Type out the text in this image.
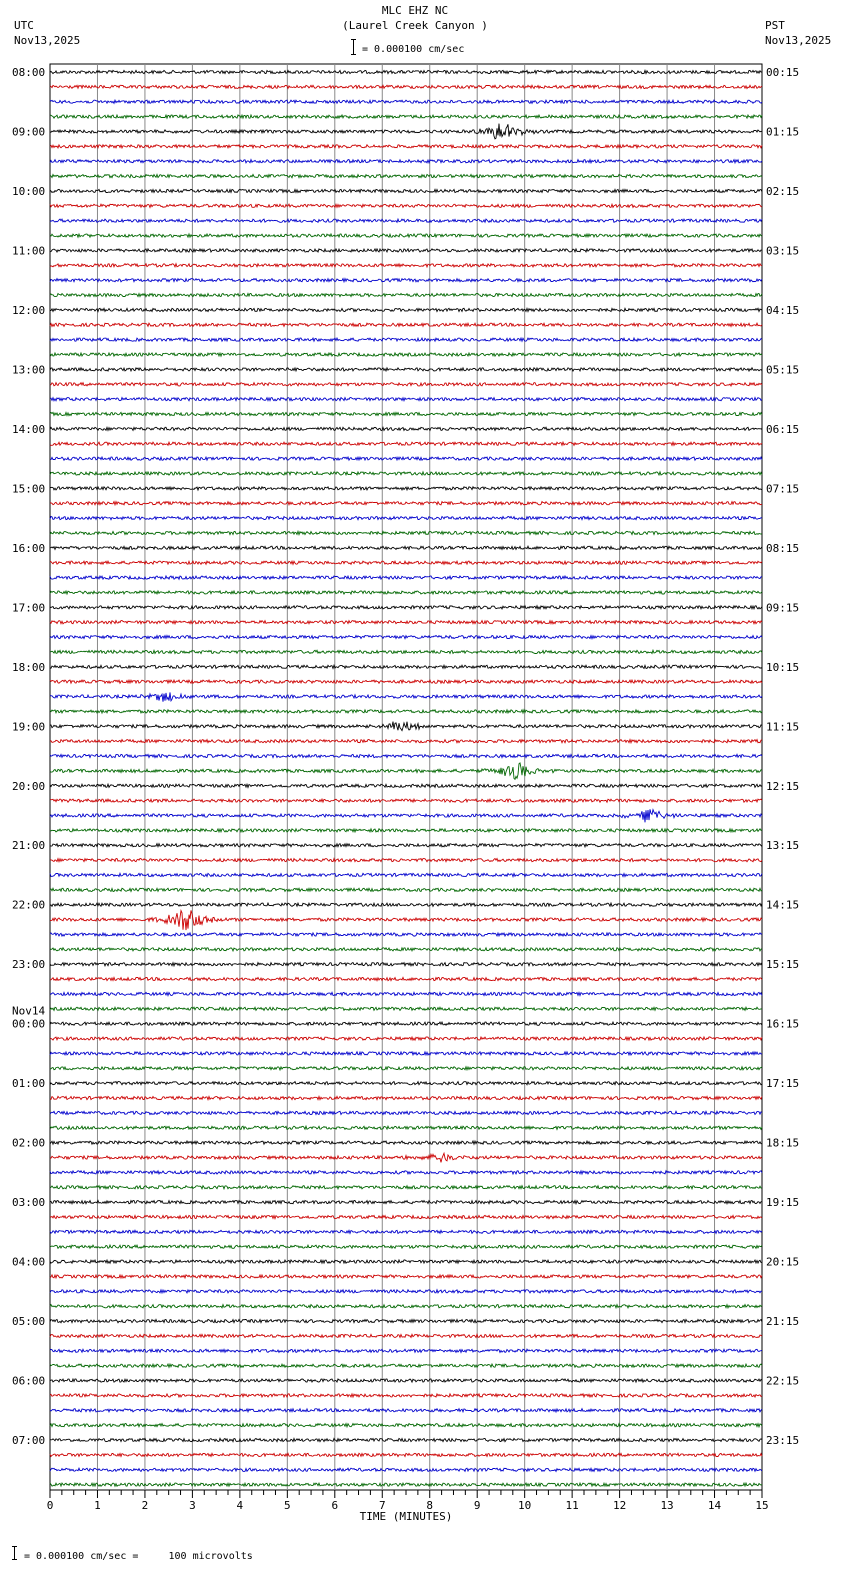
MLC EHZ NC
(Laurel Creek Canyon )
= 0.000100 cm/sec
UTC
Nov13,2025
PST
Nov13,2025
08:00
09:00
10:00
11:00
12:00
13:00
14:00
15:00
16:00
17:00
18:00
19:00
20:00
21:00
22:00
23:00
Nov14
00:00
01:00
02:00
03:00
04:00
05:00
06:00
07:00
00:15
01:15
02:15
03:15
04:15
05:15
06:15
07:15
08:15
09:15
10:15
11:15
12:15
13:15
14:15
15:15
16:15
17:15
18:15
19:15
20:15
21:15
22:15
23:15
0	1	2	3	4	5	6	7	8	9	10	11	12	13	14	15
TIME (MINUTES)
= 0.000100 cm/sec =     100 microvolts
